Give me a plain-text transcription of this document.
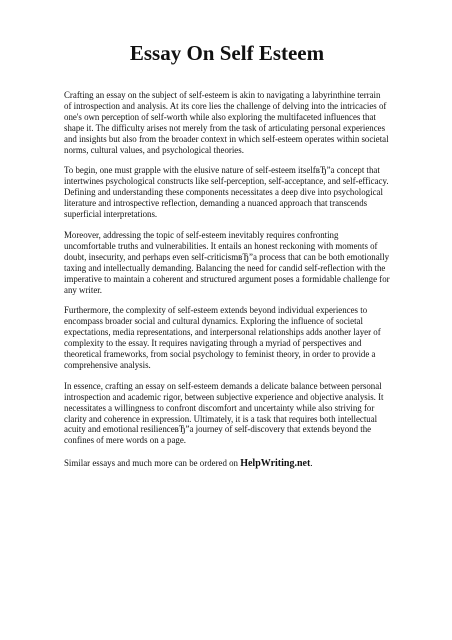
Essay On Self Esteem

Crafting an essay on the subject of self-esteem is akin to navigating a labyrinthine terrain of introspection and analysis. At its core lies the challenge of delving into the intricacies of one's own perception of self-worth while also exploring the multifaceted influences that shape it. The difficulty arises not merely from the task of articulating personal experiences and insights but also from the broader context in which self-esteem operates within societal norms, cultural values, and psychological theories.

To begin, one must grapple with the elusive nature of self-esteem itselfвЂ”a concept that intertwines psychological constructs like self-perception, self-acceptance, and self-efficacy. Defining and understanding these components necessitates a deep dive into psychological literature and introspective reflection, demanding a nuanced approach that transcends superficial interpretations.

Moreover, addressing the topic of self-esteem inevitably requires confronting uncomfortable truths and vulnerabilities. It entails an honest reckoning with moments of doubt, insecurity, and perhaps even self-criticismвЂ”a process that can be both emotionally taxing and intellectually demanding. Balancing the need for candid self-reflection with the imperative to maintain a coherent and structured argument poses a formidable challenge for any writer.

Furthermore, the complexity of self-esteem extends beyond individual experiences to encompass broader social and cultural dynamics. Exploring the influence of societal expectations, media representations, and interpersonal relationships adds another layer of complexity to the essay. It requires navigating through a myriad of perspectives and theoretical frameworks, from social psychology to feminist theory, in order to provide a comprehensive analysis.

In essence, crafting an essay on self-esteem demands a delicate balance between personal introspection and academic rigor, between subjective experience and objective analysis. It necessitates a willingness to confront discomfort and uncertainty while also striving for clarity and coherence in expression. Ultimately, it is a task that requires both intellectual acuity and emotional resilienceвЂ”a journey of self-discovery that extends beyond the confines of mere words on a page.

Similar essays and much more can be ordered on HelpWriting.net.
